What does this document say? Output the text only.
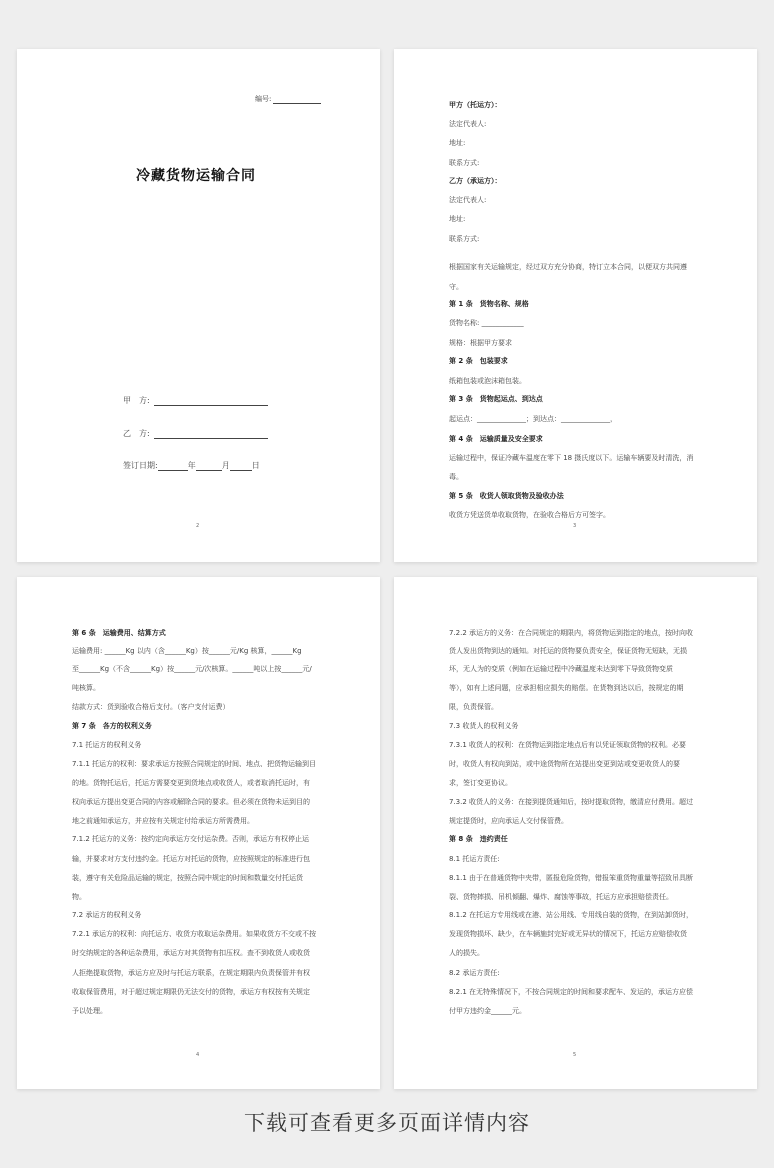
编号:
冷藏货物运输合同
甲　方:
乙　方:
签订日期:	年	月	日
2
甲方（托运方）：
法定代表人:
地址:
联系方式:
乙方（承运方）：
法定代表人:
地址:
联系方式:
根据国家有关运输规定，经过双方充分协商，特订立本合同，以便双方共同遵
守。
第 1 条　货物名称、规格
货物名称: ____________
规格：根据甲方要求
第 2 条　包装要求
纸箱包装或泡沫箱包装。
第 3 条　货物起运点、到达点
起运点：______________；到达点：______________，
第 4 条　运输质量及安全要求
运输过程中，保证冷藏车温度在零下 18 摄氏度以下。运输车辆要及时清洗，消
毒。
第 5 条　收货人领取货物及验收办法
收货方凭送货单收取货物，在验收合格后方可签字。
3
第 6 条　运输费用、结算方式
运输费用: ______Kg 以内（含______Kg）按______元/Kg 核算，______Kg
至______Kg（不含______Kg）按______元/次核算。______吨以上按______元/
吨核算。
结款方式：货到验收合格后支付。（客户支付运费）
第 7 条　各方的权利义务
7.1 托运方的权利义务
7.1.1 托运方的权利：要求承运方按照合同规定的时间、地点、把货物运输到目
的地。货物托运后，托运方需要变更到货地点或收货人，或者取消托运时，有
权向承运方提出变更合同的内容或解除合同的要求。但必须在货物未运到目的
地之前通知承运方，并应按有关规定付给承运方所需费用。
7.1.2 托运方的义务：按约定向承运方交付运杂费。否则，承运方有权停止运
输，并要求对方支付违约金。托运方对托运的货物，应按照规定的标准进行包
装，遵守有关危险品运输的规定，按照合同中规定的时间和数量交付托运货
物。
7.2 承运方的权利义务
7.2.1 承运方的权利：向托运方、收货方收取运杂费用。如果收货方不交或不按
时交纳规定的各种运杂费用，承运方对其货物有扣压权。查不到收货人或收货
人拒绝提取货物，承运方应及时与托运方联系，在规定期限内负责保管并有权
收取保管费用，对于超过规定期限仍无法交付的货物，承运方有权按有关规定
予以处理。
4
7.2.2 承运方的义务：在合同规定的期限内，将货物运到指定的地点，按时向收
货人发出货物到达的通知。对托运的货物要负责安全，保证货物无短缺，无损
坏，无人为的变质（例如在运输过程中冷藏温度未达到零下导致货物变质
等），如有上述问题，应承担相应损失的赔偿。在货物到达以后，按规定的期
限，负责保管。
7.3 收货人的权利义务
7.3.1 收货人的权利：在货物运到指定地点后有以凭证领取货物的权利。必要
时，收货人有权向到站，或中途货物所在站提出变更到站或变更收货人的要
求，签订变更协议。
7.3.2 收货人的义务：在接到提货通知后，按时提取货物，缴清应付费用。超过
规定提货时，应向承运人交付保管费。
第 8 条　违约责任
8.1 托运方责任:
8.1.1 由于在普通货物中夹带，匿报危险货物，错报笨重货物重量等招致吊具断
裂、货物摔损、吊机倾翻、爆炸、腐蚀等事故，托运方应承担赔偿责任。
8.1.2 在托运方专用线或在港、站公用线、专用线自装的货物，在到站卸货时，
发现货物损坏、缺少，在车辆施封完好或无异状的情况下，托运方应赔偿收货
人的损失。
8.2 承运方责任:
8.2.1 在无特殊情况下，不按合同规定的时间和要求配车、发运的，承运方应偿
付甲方违约金______元。
5
下载可查看更多页面详情内容
